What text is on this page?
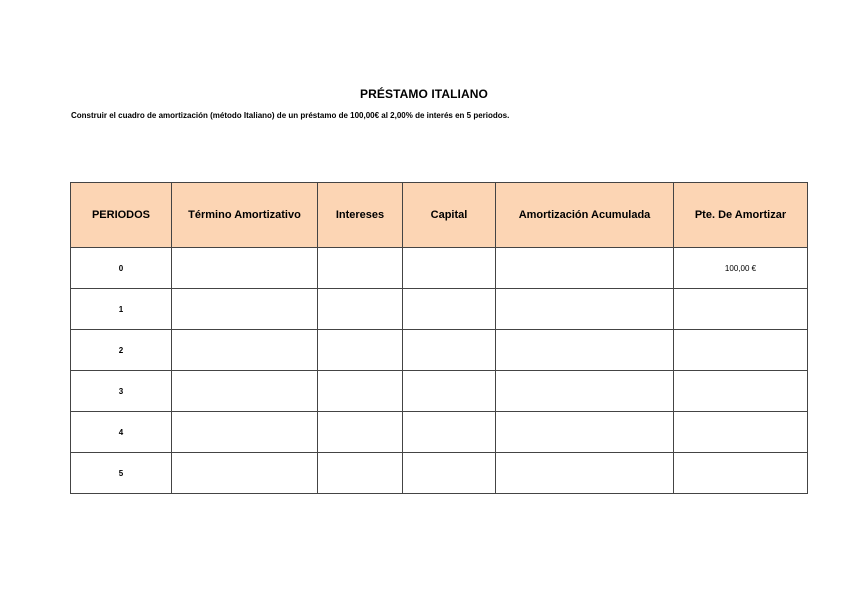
PRÉSTAMO ITALIANO
Construir el cuadro de amortización (método Italiano) de un préstamo de 100,00€ al 2,00% de interés en 5 periodos.
PERIODOS	Término Amortizativo	Intereses	Capital	Amortización Acumulada	Pte. De Amortizar
0					100,00 €
1					
2					
3					
4					
5					
